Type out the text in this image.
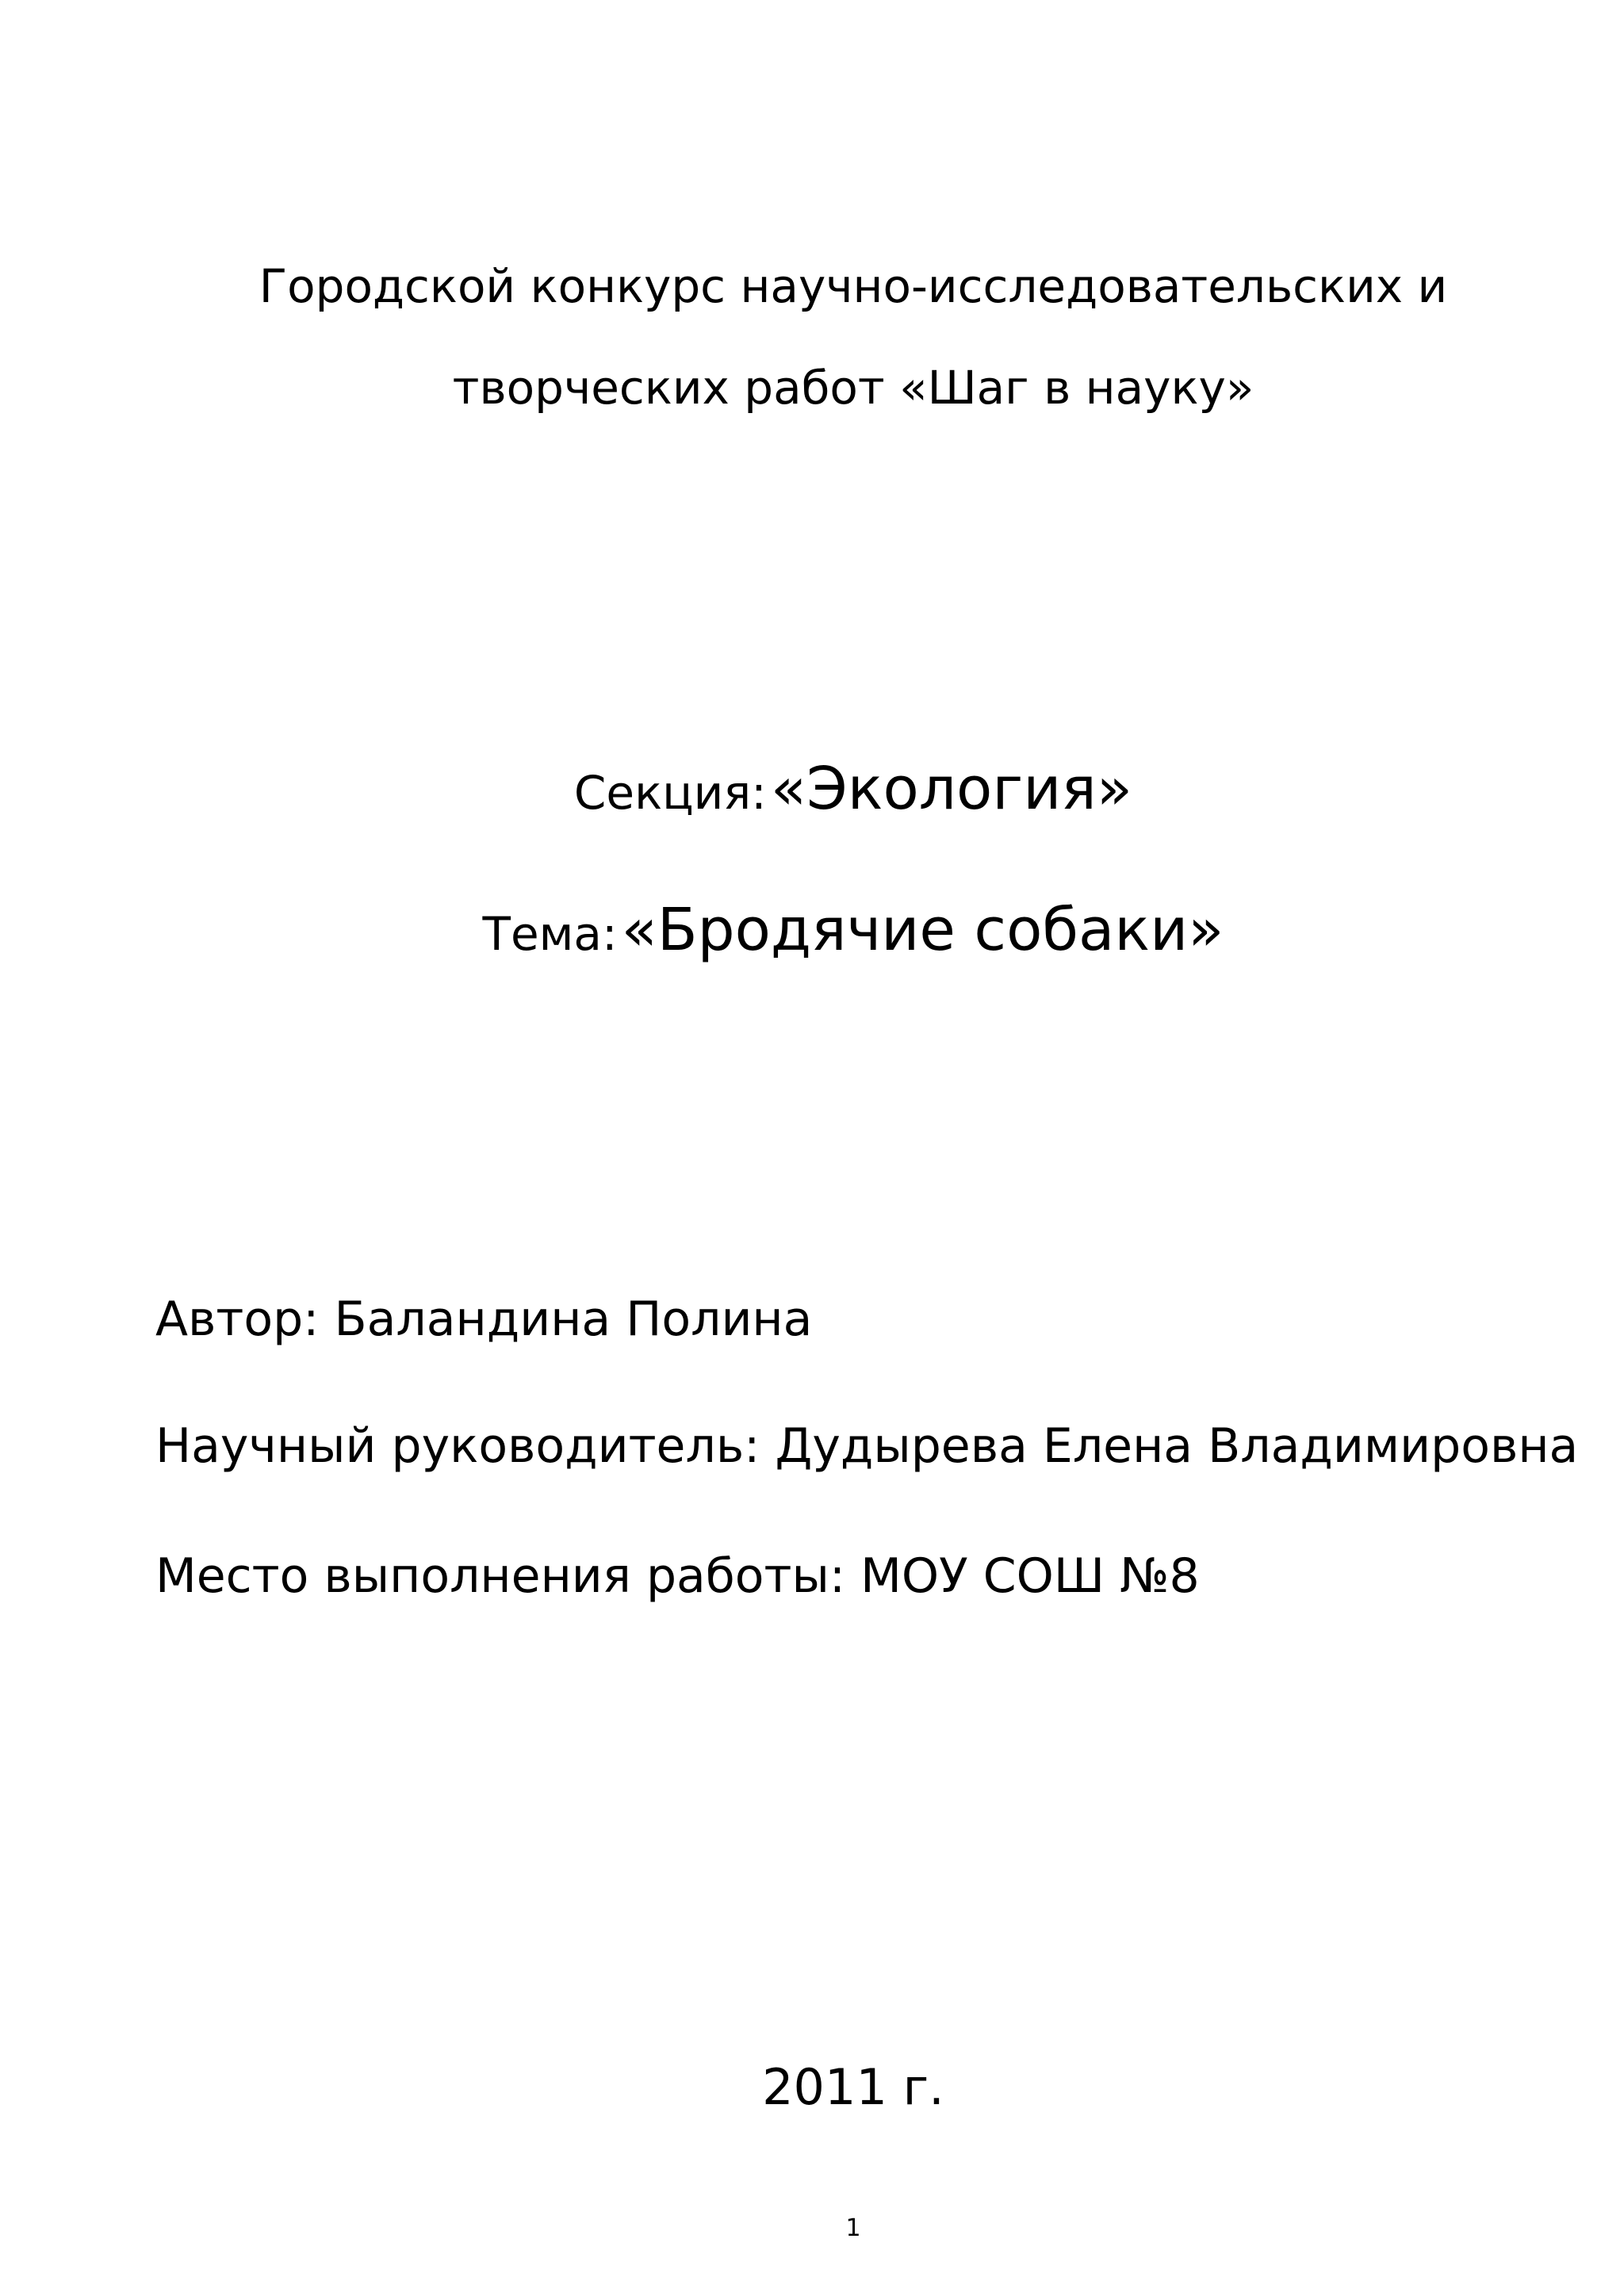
Городской конкурс научно-исследовательских и
творческих работ «Шаг в науку»
Секция: «Экология»
Тема: «Бродячие собаки»
Автор: Баландина Полина
Научный руководитель: Дудырева Елена Владимировна
Место выполнения работы: МОУ СОШ №8
2011 г.
1
